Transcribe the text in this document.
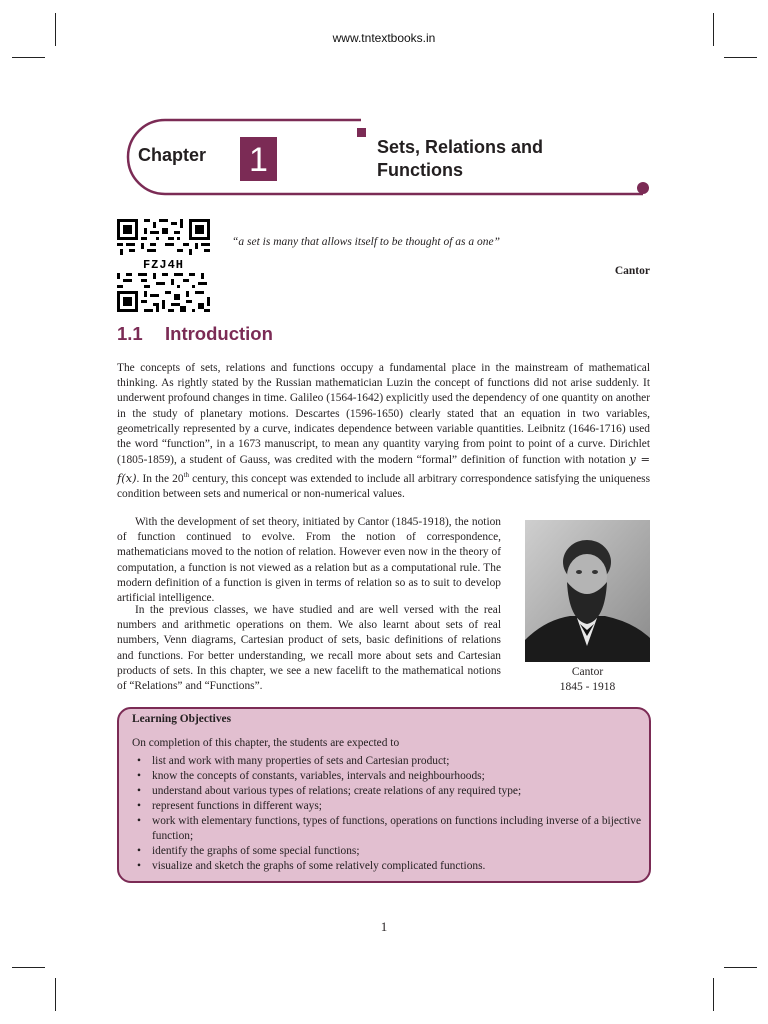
www.tntextbooks.in
Chapter 1	Sets, Relations and Functions
FZJ4H
“a set is many that allows itself to be thought of as a one”
Cantor
1.1 Introduction

The concepts of sets, relations and functions occupy a fundamental place in the mainstream of mathematical thinking. As rightly stated by the Russian mathematician Luzin the concept of functions did not arise suddenly. It underwent profound changes in time. Galileo (1564-1642) explicitly used the dependency of one quantity on another in the study of planetary motions. Descartes (1596-1650) clearly stated that an equation in two variables, geometrically represented by a curve, indicates dependence between variable quantities. Leibnitz (1646-1716) used the word “function”, in a 1673 manuscript, to mean any quantity varying from point to point of a curve. Dirichlet (1805-1859), a student of Gauss, was credited with the modern “formal” definition of function with notation y = f(x). In the 20th century, this concept was extended to include all arbitrary correspondence satisfying the uniqueness condition between sets and numerical or non-numerical values.

With the development of set theory, initiated by Cantor (1845-1918), the notion of function continued to evolve. From the notion of correspondence, mathematicians moved to the notion of relation. However even now in the theory of computation, a function is not viewed as a relation but as a computational rule. The modern definition of a function is given in terms of relation so as to suit to develop artificial intelligence.

In the previous classes, we have studied and are well versed with the real numbers and arithmetic operations on them. We also learnt about sets of real numbers, Venn diagrams, Cartesian product of sets, basic definitions of relations and functions. For better understanding, we recall more about sets and Cartesian products of sets. In this chapter, we see a new facelift to the mathematical notions of “Relations” and “Functions”.

Cantor
1845 - 1918
Learning Objectives
On completion of this chapter, the students are expected to
• list and work with many properties of sets and Cartesian product;
• know the concepts of constants, variables, intervals and neighbourhoods;
• understand about various types of relations; create relations of any required type;
• represent functions in different ways;
• work with elementary functions, types of functions, operations on functions including inverse of a bijective function;
• identify the graphs of some special functions;
• visualize and sketch the graphs of some relatively complicated functions.
1
